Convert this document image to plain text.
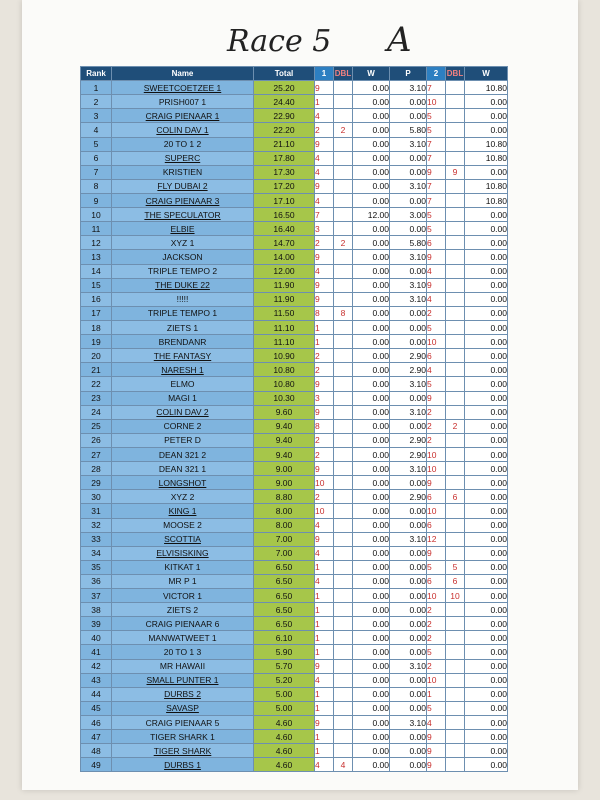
Race 5 A
Rank	Name	Total	1	DBL	W	P	2	DBL	W
1	SWEETCOETZEE 1	25.20	9		0.00	3.10	7		10.80
2	PRISH007 1	24.40	1		0.00	0.00	10		0.00
3	CRAIG PIENAAR 1	22.90	4		0.00	0.00	5		0.00
4	COLIN DAV 1	22.20	2	2	0.00	5.80	5		0.00
5	20 TO 1 2	21.10	9		0.00	3.10	7		10.80
6	SUPERC	17.80	4		0.00	0.00	7		10.80
7	KRISTIEN	17.30	4		0.00	0.00	9	9	0.00
8	FLY DUBAI 2	17.20	9		0.00	3.10	7		10.80
9	CRAIG PIENAAR 3	17.10	4		0.00	0.00	7		10.80
10	THE SPECULATOR	16.50	7		12.00	3.00	5		0.00
11	ELBIE	16.40	3		0.00	0.00	5		0.00
12	XYZ 1	14.70	2	2	0.00	5.80	6		0.00
13	JACKSON	14.00	9		0.00	3.10	9		0.00
14	TRIPLE TEMPO 2	12.00	4		0.00	0.00	4		0.00
15	THE DUKE 22	11.90	9		0.00	3.10	9		0.00
16	!!!!!	11.90	9		0.00	3.10	4		0.00
17	TRIPLE TEMPO 1	11.50	8	8	0.00	0.00	2		0.00
18	ZIETS 1	11.10	1		0.00	0.00	5		0.00
19	BRENDANR	11.10	1		0.00	0.00	10		0.00
20	THE FANTASY	10.90	2		0.00	2.90	6		0.00
21	NARESH 1	10.80	2		0.00	2.90	4		0.00
22	ELMO	10.80	9		0.00	3.10	5		0.00
23	MAGI 1	10.30	3		0.00	0.00	9		0.00
24	COLIN DAV 2	9.60	9		0.00	3.10	2		0.00
25	CORNE 2	9.40	8		0.00	0.00	2	2	0.00
26	PETER D	9.40	2		0.00	2.90	2		0.00
27	DEAN 321 2	9.40	2		0.00	2.90	10		0.00
28	DEAN 321 1	9.00	9		0.00	3.10	10		0.00
29	LONGSHOT	9.00	10		0.00	0.00	9		0.00
30	XYZ 2	8.80	2		0.00	2.90	6	6	0.00
31	KING 1	8.00	10		0.00	0.00	10		0.00
32	MOOSE 2	8.00	4		0.00	0.00	6		0.00
33	SCOTTIA	7.00	9		0.00	3.10	12		0.00
34	ELVISISKING	7.00	4		0.00	0.00	9		0.00
35	KITKAT 1	6.50	1		0.00	0.00	5	5	0.00
36	MR P 1	6.50	4		0.00	0.00	6	6	0.00
37	VICTOR 1	6.50	1		0.00	0.00	10	10	0.00
38	ZIETS 2	6.50	1		0.00	0.00	2		0.00
39	CRAIG PIENAAR 6	6.50	1		0.00	0.00	2		0.00
40	MANWATWEET 1	6.10	1		0.00	0.00	2		0.00
41	20 TO 1 3	5.90	1		0.00	0.00	5		0.00
42	MR HAWAII	5.70	9		0.00	3.10	2		0.00
43	SMALL PUNTER 1	5.20	4		0.00	0.00	10		0.00
44	DURBS 2	5.00	1		0.00	0.00	1		0.00
45	SAVASP	5.00	1		0.00	0.00	5		0.00
46	CRAIG PIENAAR 5	4.60	9		0.00	3.10	4		0.00
47	TIGER SHARK 1	4.60	1		0.00	0.00	9		0.00
48	TIGER SHARK	4.60	1		0.00	0.00	9		0.00
49	DURBS 1	4.60	4	4	0.00	0.00	9		0.00
